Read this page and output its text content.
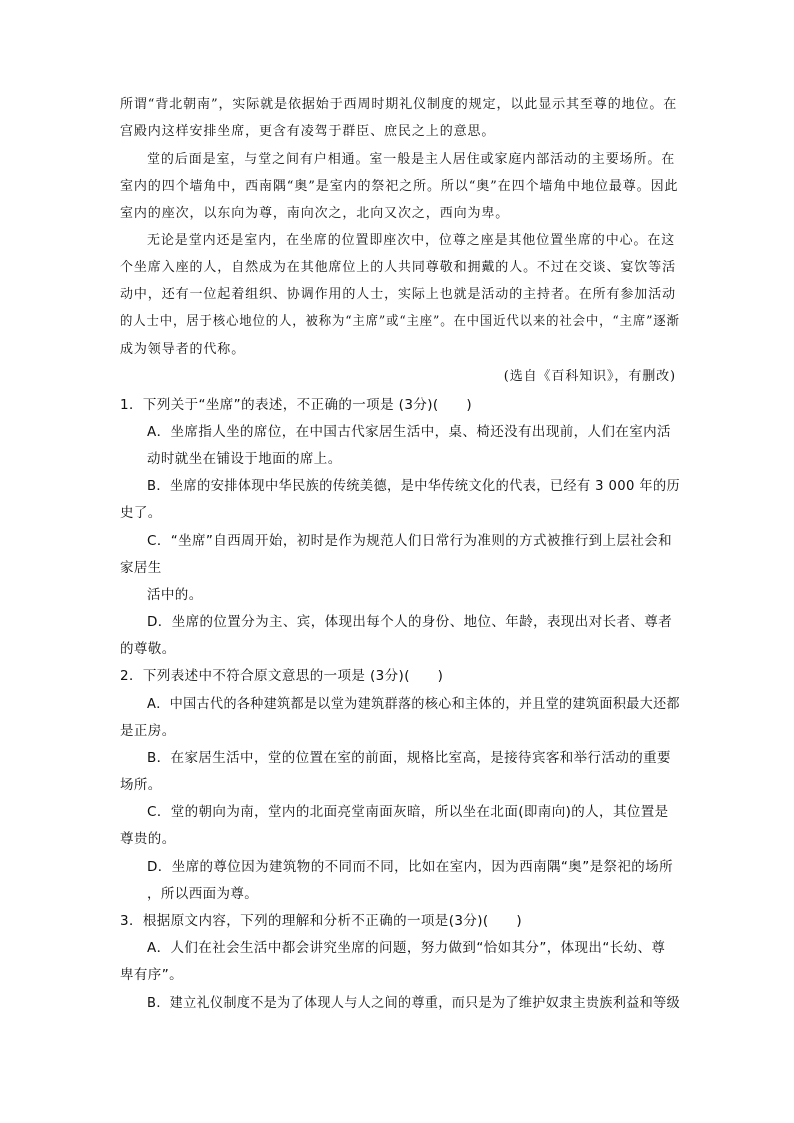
所谓“背北朝南”，实际就是依据始于西周时期礼仪制度的规定，以此显示其至尊的地位。在
宫殿内这样安排坐席，更含有凌驾于群臣、庶民之上的意思。
堂的后面是室，与堂之间有户相通。室一般是主人居住或家庭内部活动的主要场所。在
室内的四个墙角中，西南隅“奥”是室内的祭祀之所。所以“奥”在四个墙角中地位最尊。因此
室内的座次，以东向为尊，南向次之，北向又次之，西向为卑。
无论是堂内还是室内，在坐席的位置即座次中，位尊之座是其他位置坐席的中心。在这
个坐席入座的人，自然成为在其他席位上的人共同尊敬和拥戴的人。不过在交谈、宴饮等活
动中，还有一位起着组织、协调作用的人士，实际上也就是活动的主持者。在所有参加活动
的人士中，居于核心地位的人，被称为“主席”或“主座”。在中国近代以来的社会中，“主席”逐渐
成为领导者的代称。
(选自《百科知识》，有删改)
1．下列关于“坐席”的表述，不正确的一项是 (3分)(　　)
A．坐席指人坐的席位，在中国古代家居生活中，桌、椅还没有出现前，人们在室内活
动时就坐在铺设于地面的席上。
B．坐席的安排体现中华民族的传统美德，是中华传统文化的代表，已经有 3 000 年的历
史了。
C．“坐席”自西周开始，初时是作为规范人们日常行为准则的方式被推行到上层社会和
家居生
活中的。
D．坐席的位置分为主、宾，体现出每个人的身份、地位、年龄，表现出对长者、尊者
的尊敬。
2．下列表述中不符合原文意思的一项是 (3分)(　　)
A．中国古代的各种建筑都是以堂为建筑群落的核心和主体的，并且堂的建筑面积最大还都
是正房。
B．在家居生活中，堂的位置在室的前面，规格比室高，是接待宾客和举行活动的重要
场所。
C．堂的朝向为南，堂内的北面亮堂南面灰暗，所以坐在北面(即南向)的人，其位置是
尊贵的。
D．坐席的尊位因为建筑物的不同而不同，比如在室内，因为西南隅“奥”是祭祀的场所
，所以西面为尊。
3．根据原文内容，下列的理解和分析不正确的一项是(3分)(　　)
A．人们在社会生活中都会讲究坐席的问题，努力做到“恰如其分”，体现出“长幼、尊
卑有序”。
B．建立礼仪制度不是为了体现人与人之间的尊重，而只是为了维护奴隶主贵族利益和等级
